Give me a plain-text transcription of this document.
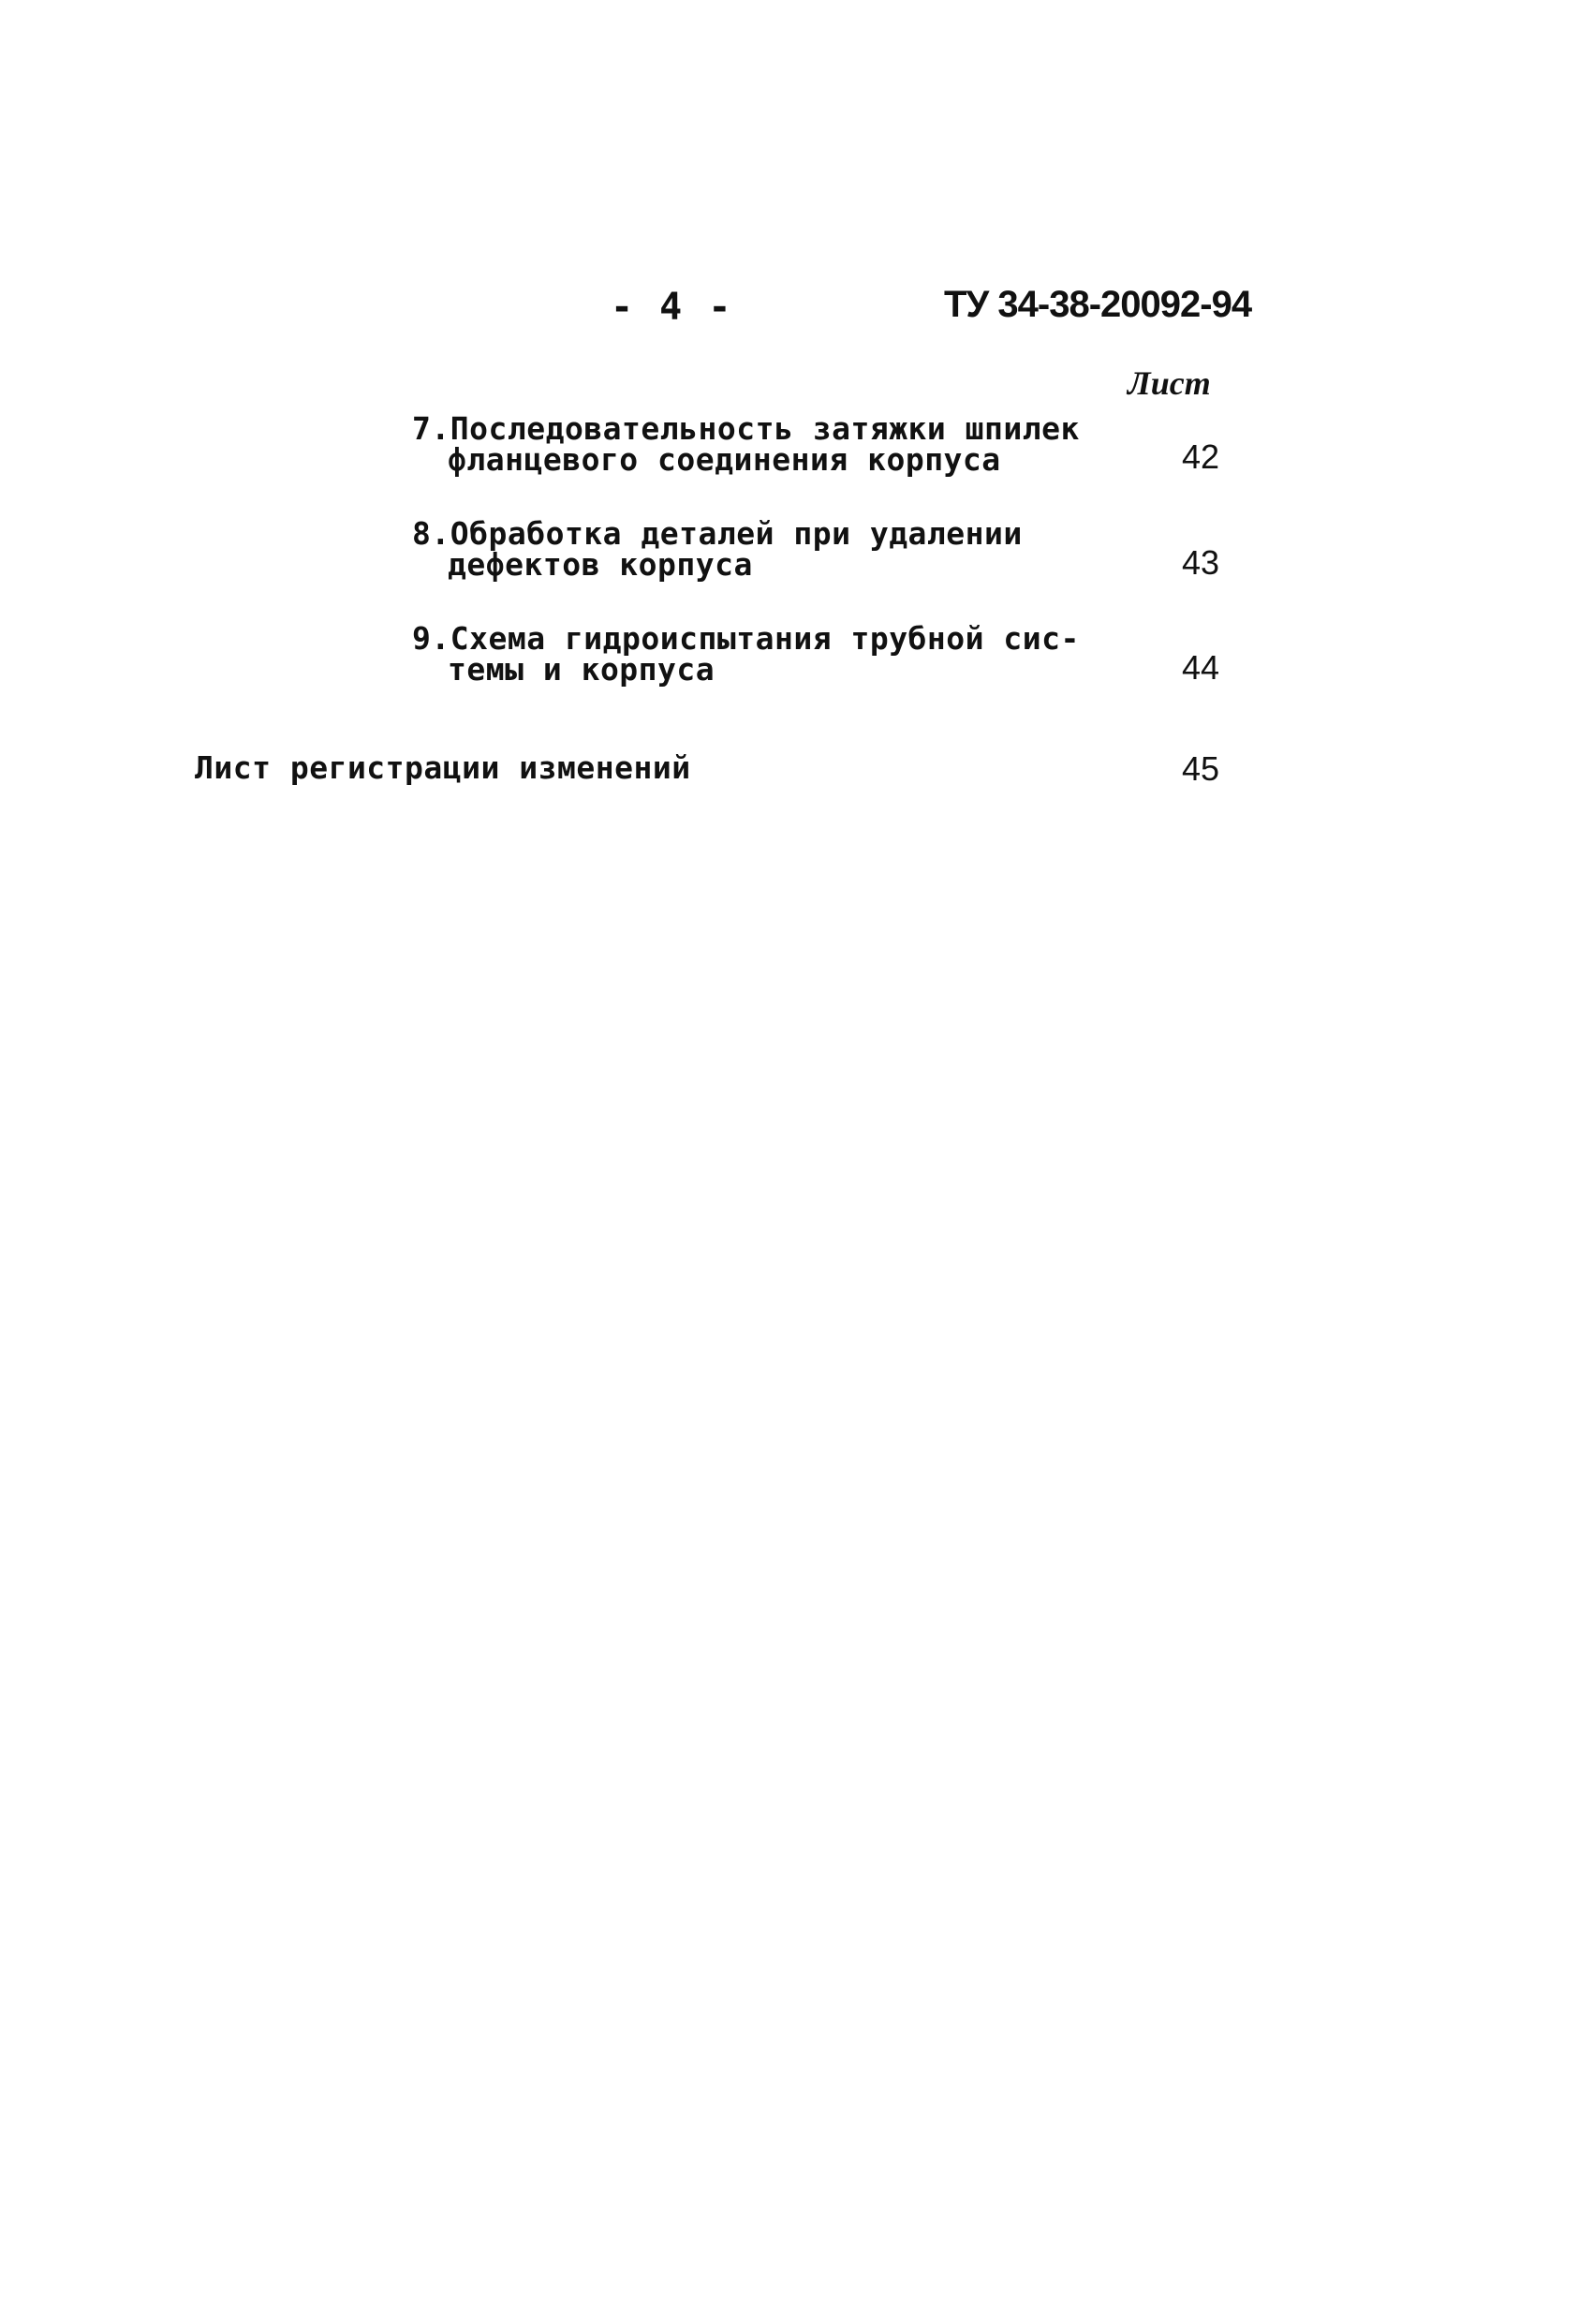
- 4 -	ТУ 34-38-20092-94
Лист
7.Последовательность затяжки шпилек
фланцевого соединения корпуса	42
8.Обработка деталей при удалении
дефектов корпуса	43
9.Схема гидроиспытания трубной сис-
темы и корпуса	44
Лист регистрации изменений	45
